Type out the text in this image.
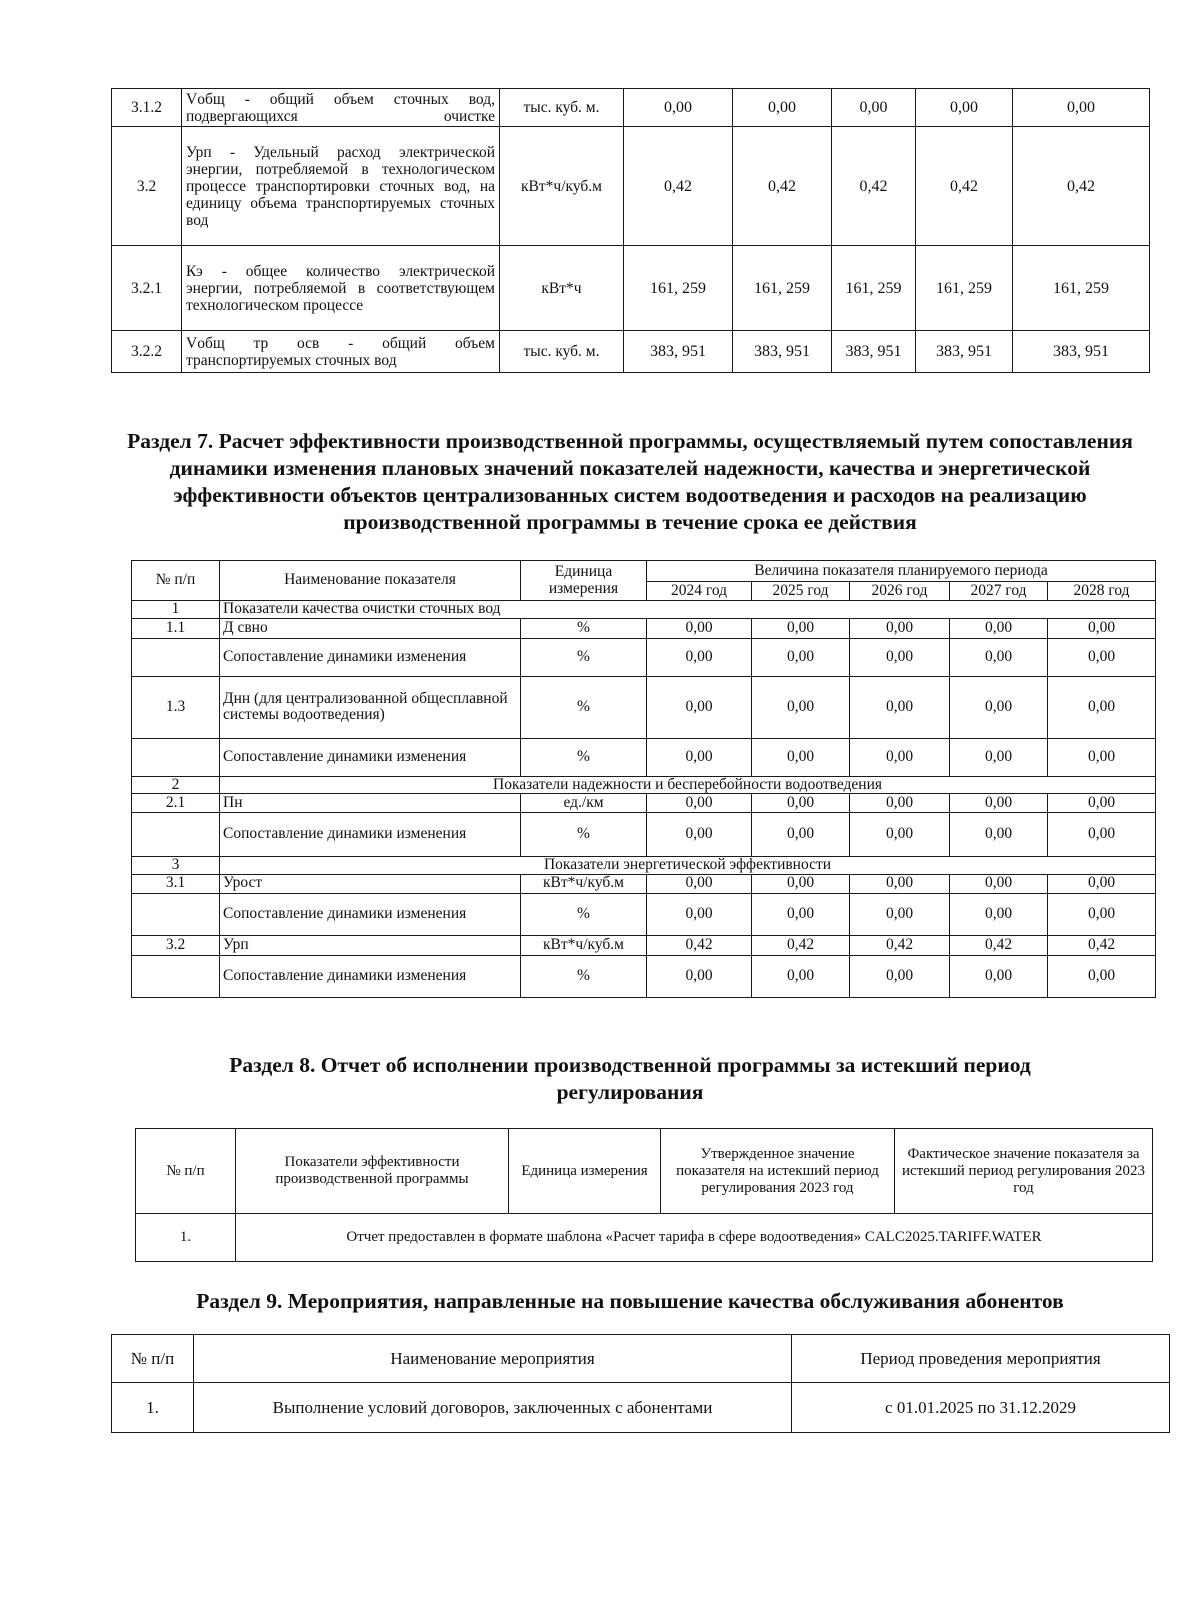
3.1.2	Vобщ - общий объем сточных вод, подвергающихся очистке	тыс. куб. м.	0,00	0,00	0,00	0,00	0,00
3.2	Урп - Удельный расход электрической энергии, потребляемой в технологическом процессе транспортировки сточных вод, на единицу объема транспортируемых сточных вод	кВт*ч/куб.м	0,42	0,42	0,42	0,42	0,42
3.2.1	Кэ - общее количество электрической энергии, потребляемой в соответствующем технологическом процессе	кВт*ч	161, 259	161, 259	161, 259	161, 259	161, 259
3.2.2	Vобщ тр осв - общий объем транспортируемых сточных вод	тыс. куб. м.	383, 951	383, 951	383, 951	383, 951	383, 951
Раздел 7. Расчет эффективности производственной программы, осуществляемый путем сопоставления динамики изменения плановых значений показателей надежности, качества и энергетической эффективности объектов централизованных систем водоотведения и расходов на реализацию производственной программы в течение срока ее действия
№ п/п	Наименование показателя	Единица измерения	Величина показателя планируемого периода				
			2024 год	2025 год	2026 год	2027 год	2028 год
1	Показатели качества очистки сточных вод						
1.1	Д свно	%	0,00	0,00	0,00	0,00	0,00
	Сопоставление динамики изменения	%	0,00	0,00	0,00	0,00	0,00
1.3	Днн (для централизованной общесплавной системы водоотведения)	%	0,00	0,00	0,00	0,00	0,00
	Сопоставление динамики изменения	%	0,00	0,00	0,00	0,00	0,00
2	Показатели надежности и бесперебойности водоотведения						
2.1	Пн	ед./км	0,00	0,00	0,00	0,00	0,00
	Сопоставление динамики изменения	%	0,00	0,00	0,00	0,00	0,00
3	Показатели энергетической эффективности						
3.1	Урост	кВт*ч/куб.м	0,00	0,00	0,00	0,00	0,00
	Сопоставление динамики изменения	%	0,00	0,00	0,00	0,00	0,00
3.2	Урп	кВт*ч/куб.м	0,42	0,42	0,42	0,42	0,42
	Сопоставление динамики изменения	%	0,00	0,00	0,00	0,00	0,00
Раздел 8. Отчет об исполнении производственной программы за истекший период регулирования
№ п/п	Показатели эффективности производственной программы	Единица измерения	Утвержденное значение показателя на истекший период регулирования 2023 год	Фактическое значение показателя за истекший период регулирования 2023 год
1.	Отчет предоставлен в формате шаблона «Расчет тарифа в сфере водоотведения» CALC2025.TARIFF.WATER			
Раздел 9. Мероприятия, направленные на повышение качества обслуживания абонентов
№ п/п	Наименование мероприятия	Период проведения мероприятия
1.	Выполнение условий договоров, заключенных с абонентами	с 01.01.2025 по 31.12.2029
